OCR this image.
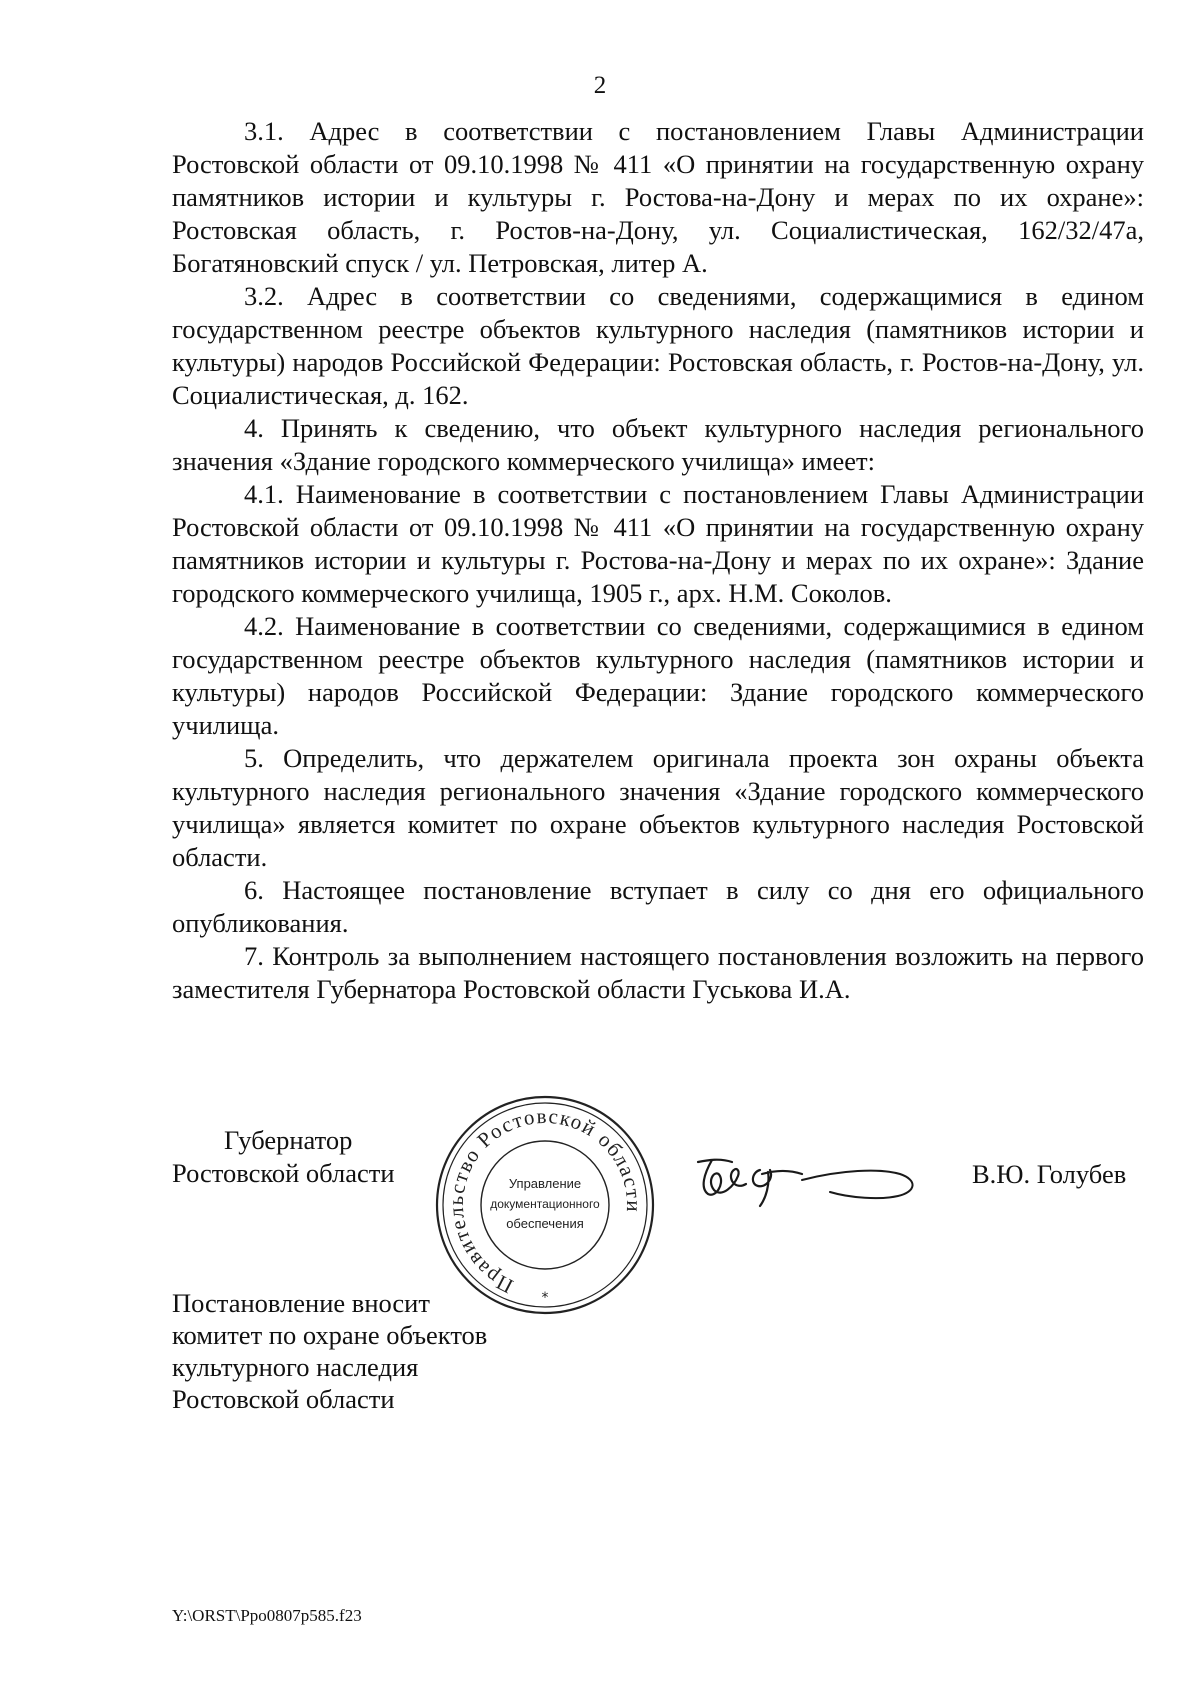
2

3.1. Адрес в соответствии с постановлением Главы Администрации Ростовской области от 09.10.1998 № 411 «О принятии на государственную охрану памятников истории и культуры г. Ростова-на-Дону и мерах по их охране»: Ростовская область, г. Ростов-на-Дону, ул. Социалистическая, 162/32/47а, Богатяновский спуск / ул. Петровская, литер А.

3.2. Адрес в соответствии со сведениями, содержащимися в едином государственном реестре объектов культурного наследия (памятников истории и культуры) народов Российской Федерации: Ростовская область, г. Ростов-на-Дону, ул. Социалистическая, д. 162.

4. Принять к сведению, что объект культурного наследия регионального значения «Здание городского коммерческого училища» имеет:

4.1. Наименование в соответствии с постановлением Главы Администрации Ростовской области от 09.10.1998 № 411 «О принятии на государственную охрану памятников истории и культуры г. Ростова-на-Дону и мерах по их охране»: Здание городского коммерческого училища, 1905 г., арх. Н.М. Соколов.

4.2. Наименование в соответствии со сведениями, содержащимися в едином государственном реестре объектов культурного наследия (памятников истории и культуры) народов Российской Федерации: Здание городского коммерческого училища.

5. Определить, что держателем оригинала проекта зон охраны объекта культурного наследия регионального значения «Здание городского коммерческого училища» является комитет по охране объектов культурного наследия Ростовской области.

6. Настоящее постановление вступает в силу со дня его официального опубликования.

7. Контроль за выполнением настоящего постановления возложить на первого заместителя Губернатора Ростовской области Гуськова И.А.

Губернатор
Ростовской области
Правительство Ростовской области
Управление
документационного
обеспечения
*
В.Ю. Голубев
Постановление вносит
комитет по охране объектов
культурного наследия
Ростовской области
Y:\ORST\Ppo0807p585.f23
